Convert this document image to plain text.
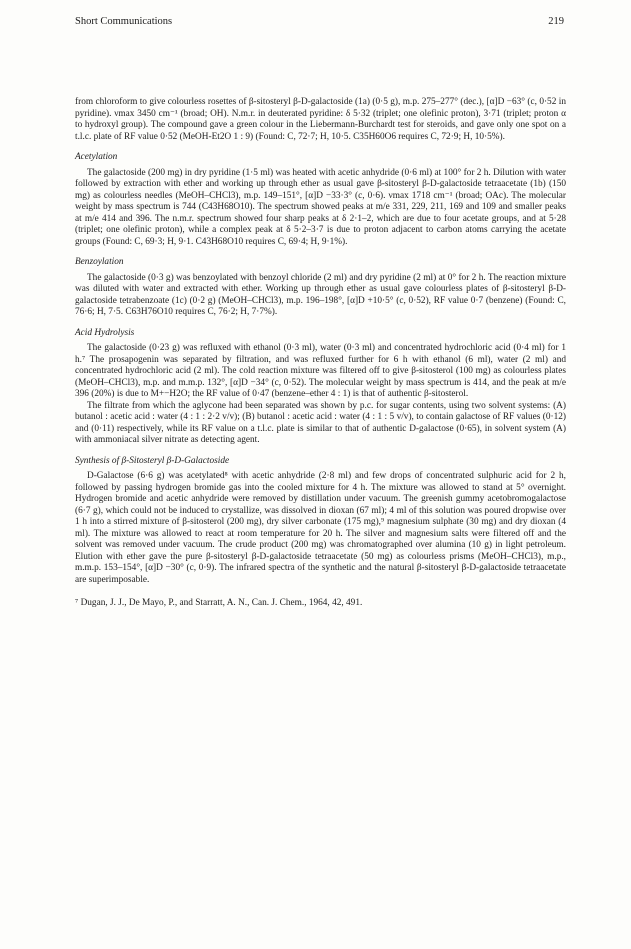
Short Communications	219

from chloroform to give colourless rosettes of β-sitosteryl β-D-galactoside (1a) (0·5 g), m.p. 275–277° (dec.), [α]D −63° (c, 0·52 in pyridine). νmax 3450 cm⁻¹ (broad; OH). N.m.r. in deuterated pyridine: δ 5·32 (triplet; one olefinic proton), 3·71 (triplet; proton α to hydroxyl group). The compound gave a green colour in the Liebermann-Burchardt test for steroids, and gave only one spot on a t.l.c. plate of RF value 0·52 (MeOH-Et2O 1 : 9) (Found: C, 72·7; H, 10·5. C35H60O6 requires C, 72·9; H, 10·5%).

Acetylation

The galactoside (200 mg) in dry pyridine (1·5 ml) was heated with acetic anhydride (0·6 ml) at 100° for 2 h. Dilution with water followed by extraction with ether and working up through ether as usual gave β-sitosteryl β-D-galactoside tetraacetate (1b) (150 mg) as colourless needles (MeOH–CHCl3), m.p. 149–151°, [α]D −33·3° (c, 0·6). νmax 1718 cm⁻¹ (broad; OAc). The molecular weight by mass spectrum is 744 (C43H68O10). The spectrum showed peaks at m/e 331, 229, 211, 169 and 109 and smaller peaks at m/e 414 and 396. The n.m.r. spectrum showed four sharp peaks at δ 2·1–2, which are due to four acetate groups, and at 5·28 (triplet; one olefinic proton), while a complex peak at δ 5·2–3·7 is due to proton adjacent to carbon atoms carrying the acetate groups (Found: C, 69·3; H, 9·1. C43H68O10 requires C, 69·4; H, 9·1%).

Benzoylation

The galactoside (0·3 g) was benzoylated with benzoyl chloride (2 ml) and dry pyridine (2 ml) at 0° for 2 h. The reaction mixture was diluted with water and extracted with ether. Working up through ether as usual gave colourless plates of β-sitosteryl β-D-galactoside tetrabenzoate (1c) (0·2 g) (MeOH–CHCl3), m.p. 196–198°, [α]D +10·5° (c, 0·52), RF value 0·7 (benzene) (Found: C, 76·6; H, 7·5. C63H76O10 requires C, 76·2; H, 7·7%).

Acid Hydrolysis

The galactoside (0·23 g) was refluxed with ethanol (0·3 ml), water (0·3 ml) and concentrated hydrochloric acid (0·4 ml) for 1 h.⁷ The prosapogenin was separated by filtration, and was refluxed further for 6 h with ethanol (6 ml), water (2 ml) and concentrated hydrochloric acid (2 ml). The cold reaction mixture was filtered off to give β-sitosterol (100 mg) as colourless plates (MeOH–CHCl3), m.p. and m.m.p. 132°, [α]D −34° (c, 0·52). The molecular weight by mass spectrum is 414, and the peak at m/e 396 (20%) is due to M+−H2O; the RF value of 0·47 (benzene–ether 4 : 1) is that of authentic β-sitosterol.

The filtrate from which the aglycone had been separated was shown by p.c. for sugar contents, using two solvent systems: (A) butanol : acetic acid : water (4 : 1 : 2·2 v/v); (B) butanol : acetic acid : water (4 : 1 : 5 v/v), to contain galactose of RF values (0·12) and (0·11) respectively, while its RF value on a t.l.c. plate is similar to that of authentic D-galactose (0·65), in solvent system (A) with ammoniacal silver nitrate as detecting agent.

Synthesis of β-Sitosteryl β-D-Galactoside

D-Galactose (6·6 g) was acetylated⁸ with acetic anhydride (2·8 ml) and few drops of concentrated sulphuric acid for 2 h, followed by passing hydrogen bromide gas into the cooled mixture for 4 h. The mixture was allowed to stand at 5° overnight. Hydrogen bromide and acetic anhydride were removed by distillation under vacuum. The greenish gummy acetobromogalactose (6·7 g), which could not be induced to crystallize, was dissolved in dioxan (67 ml); 4 ml of this solution was poured dropwise over 1 h into a stirred mixture of β-sitosterol (200 mg), dry silver carbonate (175 mg),⁹ magnesium sulphate (30 mg) and dry dioxan (4 ml). The mixture was allowed to react at room temperature for 20 h. The silver and magnesium salts were filtered off and the solvent was removed under vacuum. The crude product (200 mg) was chromatographed over alumina (10 g) in light petroleum. Elution with ether gave the pure β-sitosteryl β-D-galactoside tetraacetate (50 mg) as colourless prisms (MeOH–CHCl3), m.p., m.m.p. 153–154°, [α]D −30° (c, 0·9). The infrared spectra of the synthetic and the natural β-sitosteryl β-D-galactoside tetraacetate are superimposable.

⁷ Dugan, J. J., De Mayo, P., and Starratt, A. N., Can. J. Chem., 1964, 42, 491.
